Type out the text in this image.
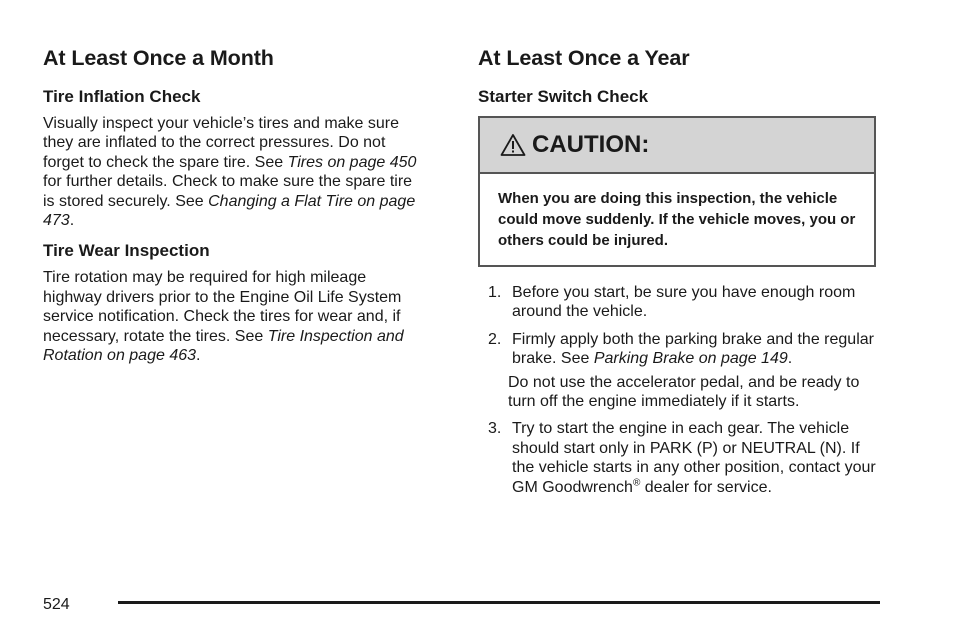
At Least Once a Month
Tire Inflation Check

Visually inspect your vehicle’s tires and make sure they are inflated to the correct pressures. Do not forget to check the spare tire. See Tires on page 450 for further details. Check to make sure the spare tire is stored securely. See Changing a Flat Tire on page 473.

Tire Wear Inspection

Tire rotation may be required for high mileage highway drivers prior to the Engine Oil Life System service notification. Check the tires for wear and, if necessary, rotate the tires. See Tire Inspection and Rotation on page 463.

At Least Once a Year
Starter Switch Check
CAUTION:
When you are doing this inspection, the vehicle could move suddenly. If the vehicle moves, you or others could be injured.
1. Before you start, be sure you have enough room around the vehicle.
2. Firmly apply both the parking brake and the regular brake. See Parking Brake on page 149.
Do not use the accelerator pedal, and be ready to turn off the engine immediately if it starts.
3. Try to start the engine in each gear. The vehicle should start only in PARK (P) or NEUTRAL (N). If the vehicle starts in any other position, contact your GM Goodwrench® dealer for service.
524
